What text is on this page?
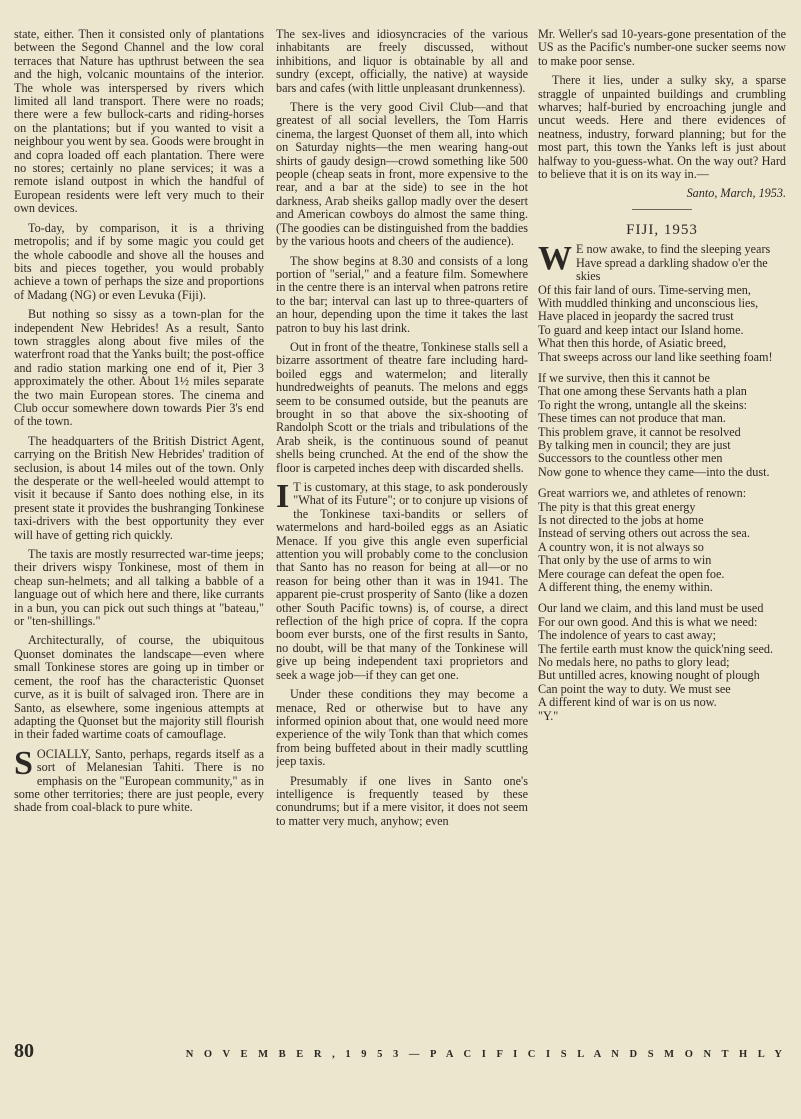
state, either. Then it consisted only of plantations between the Segond Channel and the low coral terraces that Nature has upthrust between the sea and the high, volcanic mountains of the interior. The whole was interspersed by rivers which limited all land transport. There were no roads; there were a few bullock-carts and riding-horses on the plantations; but if you wanted to visit a neighbour you went by sea. Goods were brought in and copra loaded off each plantation. There were no stores; certainly no plane services; it was a remote island outpost in which the handful of European residents were left very much to their own devices.

To-day, by comparison, it is a thriving metropolis; and if by some magic you could get the whole caboodle and shove all the houses and bits and pieces together, you would probably achieve a town of perhaps the size and proportions of Madang (NG) or even Levuka (Fiji).

But nothing so sissy as a town-plan for the independent New Hebrides! As a result, Santo town straggles along about five miles of the waterfront road that the Yanks built; the post-office and radio station marking one end of it, Pier 3 approximately the other. About 1½ miles separate the two main European stores. The cinema and Club occur somewhere down towards Pier 3's end of the town.

The headquarters of the British District Agent, carrying on the British New Hebrides' tradition of seclusion, is about 14 miles out of the town. Only the desperate or the well-heeled would attempt to visit it because if Santo does nothing else, in its present state it provides the bushranging Tonkinese taxi-drivers with the best opportunity they ever will have of getting rich quickly.

The taxis are mostly resurrected war-time jeeps; their drivers wispy Tonkinese, most of them in cheap sun-helmets; and all talking a babble of a language out of which here and there, like currants in a bun, you can pick out such things at "bateau," or "ten-shillings."

Architecturally, of course, the ubiquitous Quonset dominates the landscape—even where small Tonkinese stores are going up in timber or cement, the roof has the characteristic Quonset curve, as it is built of salvaged iron. There are in Santo, as elsewhere, some ingenious attempts at adapting the Quonset but the majority still flourish in their faded wartime coats of camouflage.

SOCIALLY, Santo, perhaps, regards itself as a sort of Melanesian Tahiti. There is no emphasis on the "European community," as in some other territories; there are just people, every shade from coal-black to pure white.

The sex-lives and idiosyncracies of the various inhabitants are freely discussed, without inhibitions, and liquor is obtainable by all and sundry (except, officially, the native) at wayside bars and cafes (with little unpleasant drunkenness).

There is the very good Civil Club—and that greatest of all social levellers, the Tom Harris cinema, the largest Quonset of them all, into which on Saturday nights—the men wearing hang-out shirts of gaudy design—crowd something like 500 people (cheap seats in front, more expensive to the rear, and a bar at the side) to see in the hot darkness, Arab sheiks gallop madly over the desert and American cowboys do almost the same thing. (The goodies can be distinguished from the baddies by the various hoots and cheers of the audience).

The show begins at 8.30 and consists of a long portion of "serial," and a feature film. Somewhere in the centre there is an interval when patrons retire to the bar; interval can last up to three-quarters of an hour, depending upon the time it takes the last patron to buy his last drink.

Out in front of the theatre, Tonkinese stalls sell a bizarre assortment of theatre fare including hard-boiled eggs and watermelon; and literally hundredweights of peanuts. The melons and eggs seem to be consumed outside, but the peanuts are brought in so that above the six-shooting of Randolph Scott or the trials and tribulations of the Arab sheik, is the continuous sound of peanut shells being crunched. At the end of the show the floor is carpeted inches deep with discarded shells.

I T is customary, at this stage, to ask ponderously "What of its Future"; or to conjure up visions of the Tonkinese taxi-bandits or sellers of watermelons and hard-boiled eggs as an Asiatic Menace. If you give this angle even superficial attention you will probably come to the conclusion that Santo has no reason for being at all—or no reason for being other than it was in 1941. The apparent pie-crust prosperity of Santo (like a dozen other South Pacific towns) is, of course, a direct reflection of the high price of copra. If the copra boom ever bursts, one of the first results in Santo, no doubt, will be that many of the Tonkinese will give up being independent taxi proprietors and seek a wage job—if they can get one.

Under these conditions they may become a menace, Red or otherwise but to have any informed opinion about that, one would need more experience of the wily Tonk than that which comes from being buffeted about in their madly scuttling jeep taxis.

Presumably if one lives in Santo one's intelligence is frequently teased by these conundrums; but if a mere visitor, it does not seem to matter very much, anyhow; even

Mr. Weller's sad 10-years-gone presentation of the US as the Pacific's number-one sucker seems now to make poor sense.

There it lies, under a sulky sky, a sparse straggle of unpainted buildings and crumbling wharves; half-buried by encroaching jungle and uncut weeds. Here and there evidences of neatness, industry, forward planning; but for the most part, this town the Yanks left is just about halfway to you-guess-what. On the way out? Hard to believe that it is on its way in.—

Santo, March, 1953.
FIJI, 1953
W E now awake, to find the sleeping years
Have spread a darkling shadow o'er the skies
Of this fair land of ours. Time-serving men,
With muddled thinking and unconscious lies,
Have placed in jeopardy the sacred trust
To guard and keep intact our Island home.
What then this horde, of Asiatic breed,
That sweeps across our land like seething foam!
If we survive, then this it cannot be
That one among these Servants hath a plan
To right the wrong, untangle all the skeins:
These times can not produce that man.
This problem grave, it cannot be resolved
By talking men in council; they are just
Successors to the countless other men
Now gone to whence they came—into the dust.
Great warriors we, and athletes of renown:
The pity is that this great energy
Is not directed to the jobs at home
Instead of serving others out across the sea.
A country won, it is not always so
That only by the use of arms to win
Mere courage can defeat the open foe.
A different thing, the enemy within.
Our land we claim, and this land must be used
For our own good. And this is what we need:
The indolence of years to cast away;
The fertile earth must know the quick'ning seed.
No medals here, no paths to glory lead;
But untilled acres, knowing nought of plough
Can point the way to duty. We must see
A different kind of war is on us now.
"Y."
80	N O V E M B E R , 1 9 5 3 — P A C I F I C I S L A N D S M O N T H L Y
